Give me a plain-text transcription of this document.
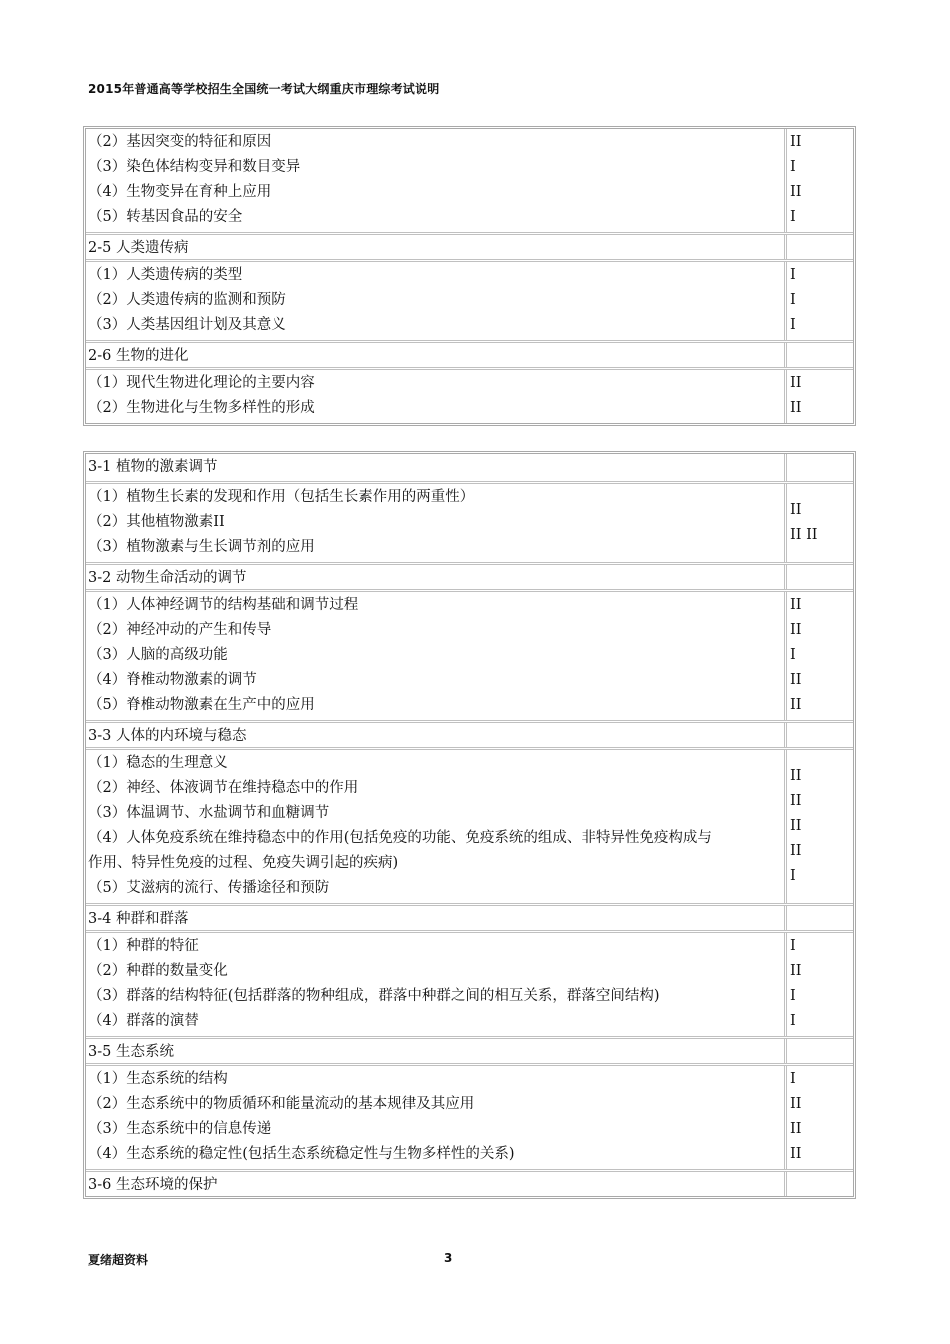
2015年普通高等学校招生全国统一考试大纲重庆市理综考试说明
（2）基因突变的特征和原因
（3）染色体结构变异和数目变异
（4）生物变异在育种上应用
（5）转基因食品的安全
II
I
II
I
2-5 人类遗传病
（1）人类遗传病的类型
（2）人类遗传病的监测和预防
（3）人类基因组计划及其意义
I
I
I
2-6 生物的进化
（1）现代生物进化理论的主要内容
（2）生物进化与生物多样性的形成
II
II
3-1 植物的激素调节
（1）植物生长素的发现和作用（包括生长素作用的两重性）
（2）其他植物激素II
（3）植物激素与生长调节剂的应用
II
II II
3-2 动物生命活动的调节
（1）人体神经调节的结构基础和调节过程
（2）神经冲动的产生和传导
（3）人脑的高级功能
（4）脊椎动物激素的调节
（5）脊椎动物激素在生产中的应用
II
II
I
II
II
3-3 人体的内环境与稳态
（1）稳态的生理意义
（2）神经、体液调节在维持稳态中的作用
（3）体温调节、水盐调节和血糖调节
（4）人体免疫系统在维持稳态中的作用(包括免疫的功能、免疫系统的组成、非特异性免疫构成与
作用、特异性免疫的过程、免疫失调引起的疾病)
（5）艾滋病的流行、传播途径和预防
II
II
II
II
I
3-4 种群和群落
（1）种群的特征
（2）种群的数量变化
（3）群落的结构特征(包括群落的物种组成，群落中种群之间的相互关系，群落空间结构)
（4）群落的演替
I
II
I
I
3-5 生态系统
（1）生态系统的结构
（2）生态系统中的物质循环和能量流动的基本规律及其应用
（3）生态系统中的信息传递
（4）生态系统的稳定性(包括生态系统稳定性与生物多样性的关系)
I
II
II
II
3-6 生态环境的保护
夏绪超资料	3
